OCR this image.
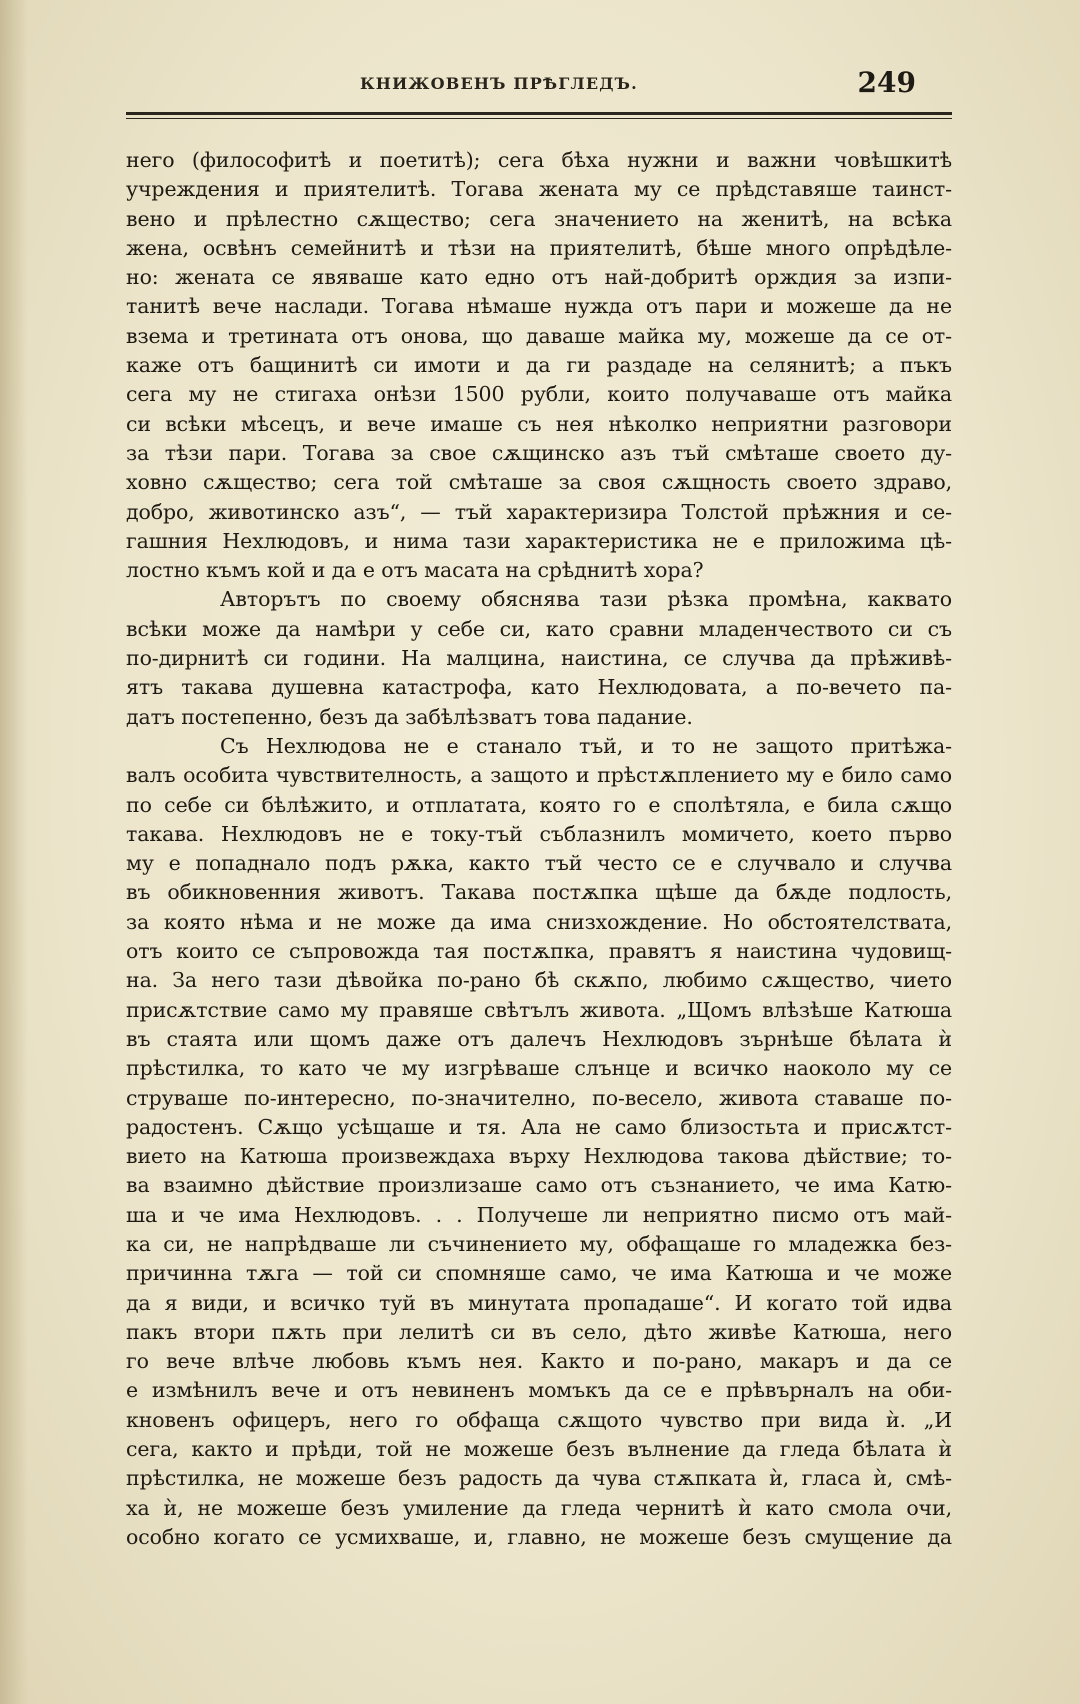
КНИЖОВЕНЪ ПРѢГЛЕДЪ.	249

него (философитѣ и поетитѣ); сега бѣха нужни и важни човѣшкитѣ
учреждения и приятелитѣ. Тогава жената му се прѣдставяше таинст-
вено и прѣлестно сѫщество; сега значението на женитѣ, на всѣка
жена, освѣнъ семейнитѣ и тѣзи на приятелитѣ, бѣше много опрѣдѣле-
но: жената се явяваше като едно отъ най-добритѣ орждия за изпи-
танитѣ вече наслади. Тогава нѣмаше нужда отъ пари и можеше да не
взема и третината отъ онова, що даваше майка му, можеше да се от-
каже отъ бащинитѣ си имоти и да ги раздаде на селянитѣ; а пъкъ
сега му не стигаха онѣзи 1500 рубли, които получаваше отъ майка
си всѣки мѣсецъ, и вече имаше съ нея нѣколко неприятни разговори
за тѣзи пари. Тогава за свое сѫщинско азъ тъй смѣташе своето ду-
ховно сѫщество; сега той смѣташе за своя сѫщность своето здраво,
добро, животинско азъ“, — тъй характеризира Толстой прѣжния и се-
гашния Нехлюдовъ, и нима тази характеристика не е приложима цѣ-
лостно къмъ кой и да е отъ масата на срѣднитѣ хора?

Авторътъ по своему обяснява тази рѣзка промѣна, каквато
всѣки може да намѣри у себе си, като сравни младенчеството си съ
по-дирнитѣ си години. На малцина, наистина, се случва да прѣживѣ-
ятъ такава душевна катастрофа, като Нехлюдовата, а по-вечето па-
датъ постепенно, безъ да забѣлѣзватъ това падание.

Съ Нехлюдова не е станало тъй, и то не защото притѣжа-
валъ особита чувствителность, а защото и прѣстѫплението му е било само
по себе си бѣлѣжито, и отплатата, която го е сполѣтяла, е била сѫщо
такава. Нехлюдовъ не е току-тъй съблазнилъ момичето, което първо
му е попаднало подъ рѫка, както тъй често се е случвало и случва
въ обикновенния животъ. Такава постѫпка щѣше да бѫде подлость,
за която нѣма и не може да има снизхождение. Но обстоятелствата,
отъ които се съпровожда тая постѫпка, правятъ я наистина чудовищ-
на. За него тази дѣвойка по-рано бѣ скѫпо, любимо сѫщество, чието
присѫтствие само му правяше свѣтълъ живота. „Щомъ влѣзѣше Катюша
въ стаята или щомъ даже отъ далечъ Нехлюдовъ зърнѣше бѣлата ѝ
прѣстилка, то като че му изгрѣваше слънце и всичко наоколо му се
струваше по-интересно, по-значително, по-весело, живота ставаше по-
радостенъ. Сѫщо усѣщаше и тя. Ала не само близостьта и присѫтст-
вието на Катюша произвеждаха върху Нехлюдова такова дѣйствие; то-
ва взаимно дѣйствие произлизаше само отъ съзнанието, че има Катю-
ша и че има Нехлюдовъ. . . Получеше ли неприятно писмо отъ май-
ка си, не напрѣдваше ли съчинението му, обфащаше го младежка без-
причинна тѫга — той си спомняше само, че има Катюша и че може
да я види, и всичко туй въ минутата пропадаше“. И когато той идва
пакъ втори пѫть при лелитѣ си въ село, дѣто живѣе Катюша, него
го вече влѣче любовь къмъ нея. Както и по-рано, макаръ и да се
е измѣнилъ вече и отъ невиненъ момъкъ да се е прѣвърналъ на оби-
кновенъ офицеръ, него го обфаща сѫщото чувство при вида ѝ. „И
сега, както и прѣди, той не можеше безъ вълнение да гледа бѣлата ѝ
прѣстилка, не можеше безъ радость да чува стѫпката ѝ, гласа ѝ, смѣ-
ха ѝ, не можеше безъ умиление да гледа чернитѣ ѝ като смола очи,
особно когато се усмихваше, и, главно, не можеше безъ смущение да
